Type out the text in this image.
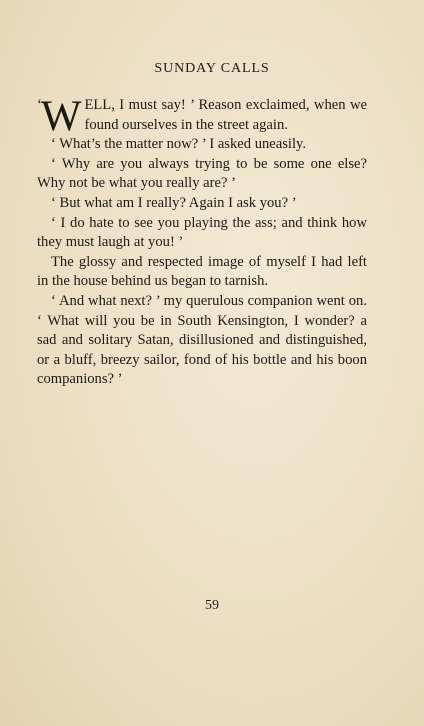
SUNDAY CALLS

‘ W ELL, I must say! ’ Reason exclaimed, when we found ourselves in the street again.

‘ What’s the matter now? ’ I asked uneasily.

‘ Why are you always trying to be some one else? Why not be what you really are? ’

‘ But what am I really? Again I ask you? ’

‘ I do hate to see you playing the ass; and think how they must laugh at you! ’

The glossy and respected image of myself I had left in the house behind us began to tarnish.

‘ And what next? ’ my querulous companion went on. ‘ What will you be in South Kensington, I wonder? a sad and solitary Satan, disillusioned and distinguished, or a bluff, breezy sailor, fond of his bottle and his boon companions? ’

59
